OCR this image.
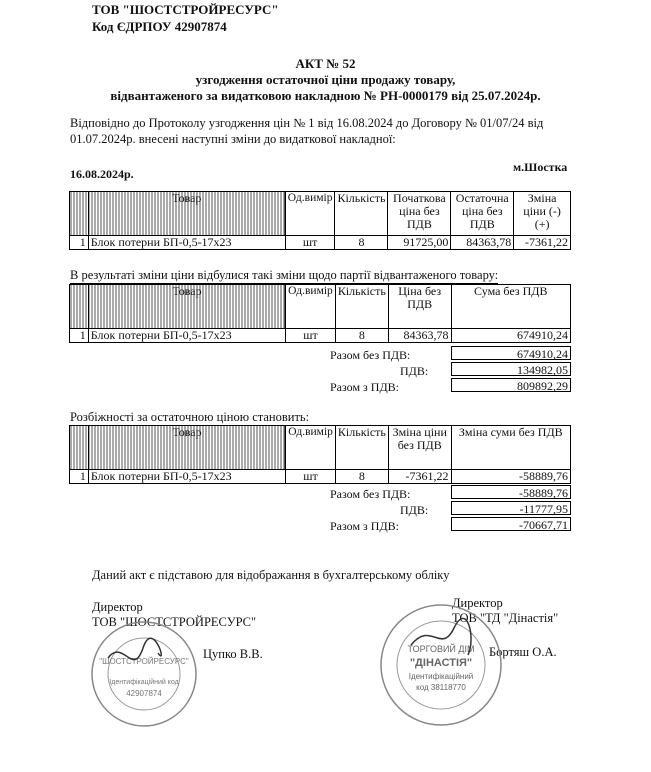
ТОВ "ШОСТСТРОЙРЕСУРС"
Код ЄДРПОУ 42907874
АКТ № 52
узгодження остаточної ціни продажу товару,
відвантаженого за видатковою накладною № РН-0000179 від 25.07.2024р.
Відповідно до Протоколу узгодження цін № 1 від 16.08.2024 до Договору № 01/07/24 від
01.07.2024р. внесені наступні зміни до видаткової накладної:
16.08.2024р.	м.Шостка
	Товар	Од.вимір	Кількість	Початкова ціна без ПДВ	Остаточна ціна без ПДВ	Зміна ціни (-)(+)
1	Блок потерни БП-0,5-17х23	шт	8	91725,00	84363,78	-7361,22
В результаті зміни ціни відбулися такі зміни щодо партії відвантаженого товару:
	Товар	Од.вимір	Кількість	Ціна без ПДВ	Сума без ПДВ
1	Блок потерни БП-0,5-17х23	шт	8	84363,78	674910,24
Разом без ПДВ:	674910,24
ПДВ:	134982,05
Разом з ПДВ:	809892,29
Розбіжності за остаточною ціною становить:
	Товар	Од.вимір	Кількість	Зміна ціни без ПДВ	Зміна суми без ПДВ
1	Блок потерни БП-0,5-17х23	шт	8	-7361,22	-58889,76
Разом без ПДВ:	-58889,76
ПДВ:	-11777,95
Разом з ПДВ:	-70667,71
Даний акт є підставою для відображання в бухгалтерському обліку
Директор
ТОВ "ШОСТСТРОЙРЕСУРС"
Цупко В.В.
"ШОСТСТРОЙРЕСУРС"
Ідентифікаційний код
42907874
Директор
ТОВ "ТД "Дінастія"
Бортяш О.А.
ТОРГОВИЙ ДІМ
"ДІНАСТІЯ"
Ідентифікаційний
код 38118770
